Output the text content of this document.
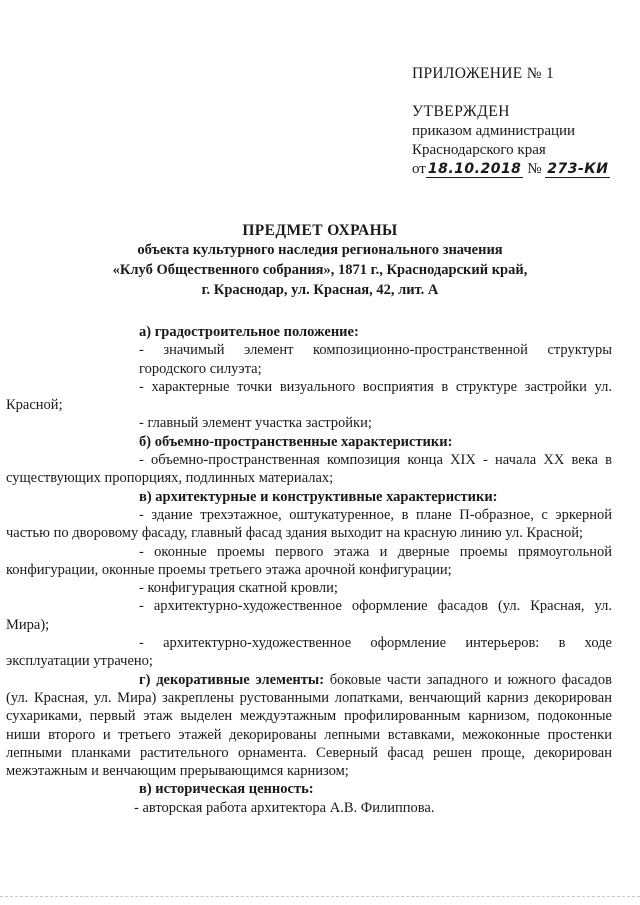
ПРИЛОЖЕНИЕ № 1
УТВЕРЖДЕН
приказом администрации
Краснодарского края
от 18.10.2018 № 273-КИ
ПРЕДМЕТ ОХРАНЫ
объекта культурного наследия регионального значения
«Клуб Общественного собрания», 1871 г., Краснодарский край,
г. Краснодар, ул. Красная, 42, лит. А

а) градостроительное положение:

- значимый элемент композиционно-пространственной структуры городского силуэта;

- характерные точки визуального восприятия в структуре застройки ул. Красной;

- главный элемент участка застройки;

б) объемно-пространственные характеристики:

- объемно-пространственная композиция конца XIX - начала XX века в существующих пропорциях, подлинных материалах;

в) архитектурные и конструктивные характеристики:

- здание трехэтажное, оштукатуренное, в плане П-образное, с эркерной частью по дворовому фасаду, главный фасад здания выходит на красную линию ул. Красной;

- оконные проемы первого этажа и дверные проемы прямоугольной конфигурации, оконные проемы третьего этажа арочной конфигурации;

- конфигурация скатной кровли;

- архитектурно-художественное оформление фасадов (ул. Красная, ул. Мира);

- архитектурно-художественное оформление интерьеров: в ходе эксплуатации утрачено;

г) декоративные элементы: боковые части западного и южного фасадов (ул. Красная, ул. Мира) закреплены рустованными лопатками, венчающий карниз декорирован сухариками, первый этаж выделен междуэтажным профилированным карнизом, подоконные ниши второго и третьего этажей декорированы лепными вставками, межоконные простенки лепными планками растительного орнамента. Северный фасад решен проще, декорирован межэтажным и венчающим прерывающимся карнизом;

в) историческая ценность:

- авторская работа архитектора А.В. Филиппова.
